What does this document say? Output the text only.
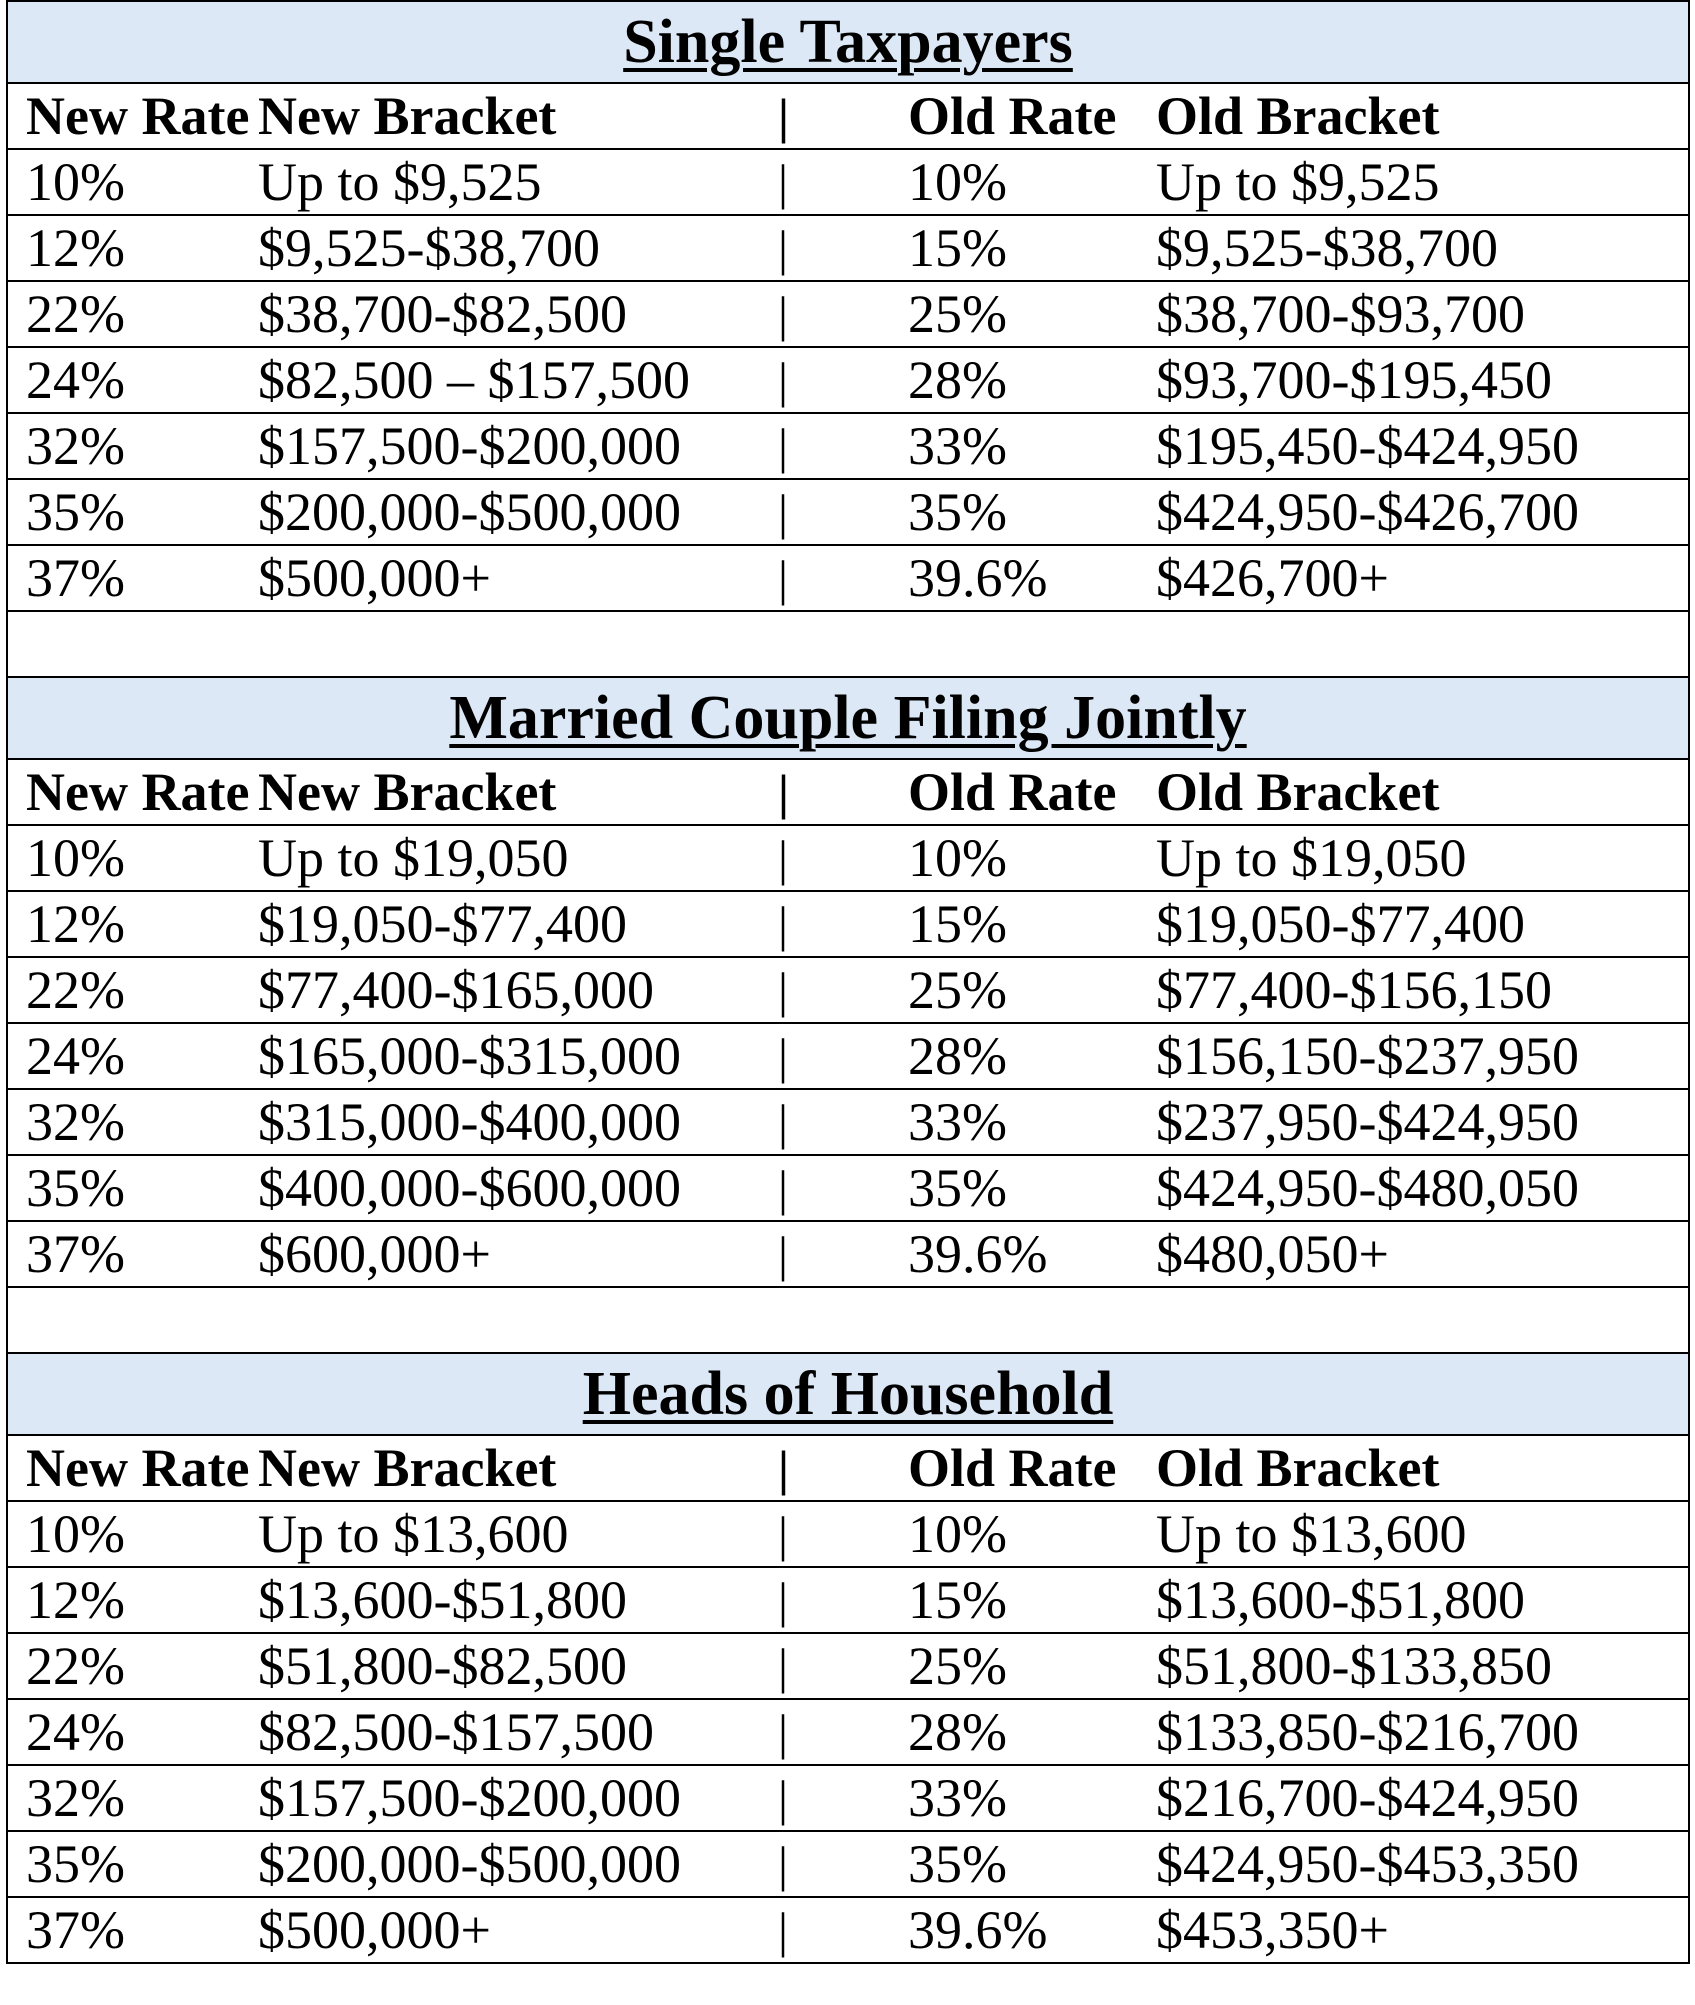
Single Taxpayers
New Rate New Bracket	|	Old Rate Old Bracket
10%	Up to $9,525	|	10%	Up to $9,525
12%	$9,525-$38,700	|	15%	$9,525-$38,700
22%	$38,700-$82,500	|	25%	$38,700-$93,700
24%	$82,500 – $157,500	|	28%	$93,700-$195,450
32%	$157,500-$200,000	|	33%	$195,450-$424,950
35%	$200,000-$500,000	|	35%	$424,950-$426,700
37%	$500,000+	|	39.6%	$426,700+
Married Couple Filing Jointly
New Rate New Bracket	|	Old Rate Old Bracket
10%	Up to $19,050	|	10%	Up to $19,050
12%	$19,050-$77,400	|	15%	$19,050-$77,400
22%	$77,400-$165,000	|	25%	$77,400-$156,150
24%	$165,000-$315,000	|	28%	$156,150-$237,950
32%	$315,000-$400,000	|	33%	$237,950-$424,950
35%	$400,000-$600,000	|	35%	$424,950-$480,050
37%	$600,000+	|	39.6%	$480,050+
Heads of Household
New Rate New Bracket	|	Old Rate Old Bracket
10%	Up to $13,600	|	10%	Up to $13,600
12%	$13,600-$51,800	|	15%	$13,600-$51,800
22%	$51,800-$82,500	|	25%	$51,800-$133,850
24%	$82,500-$157,500	|	28%	$133,850-$216,700
32%	$157,500-$200,000	|	33%	$216,700-$424,950
35%	$200,000-$500,000	|	35%	$424,950-$453,350
37%	$500,000+	|	39.6%	$453,350+
